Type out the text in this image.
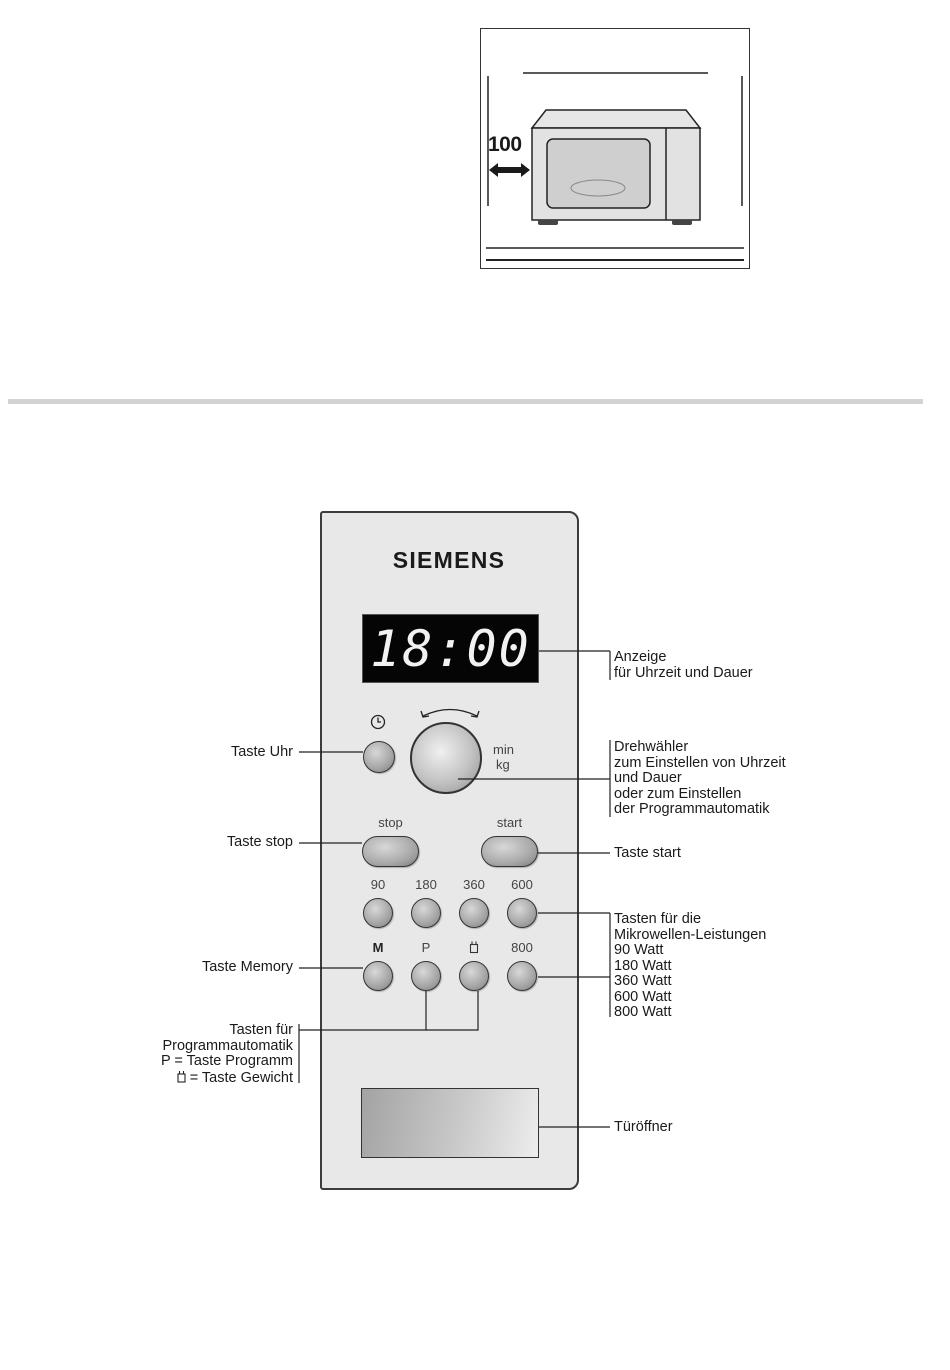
100
SIEMENS
18:00
min
kg
stop	start
90	180	360	600
M	P	800
Anzeige
für Uhrzeit und Dauer
Drehwähler
zum Einstellen von Uhrzeit
und Dauer
oder zum Einstellen
der Programmautomatik
Taste Uhr
Taste stop
Taste start
Tasten für die
Mikrowellen-Leistungen
90 Watt
180 Watt
360 Watt
600 Watt
800 Watt
Taste Memory
Tasten für
Programmautomatik
P = Taste Programm
= Taste Gewicht
Türöffner
